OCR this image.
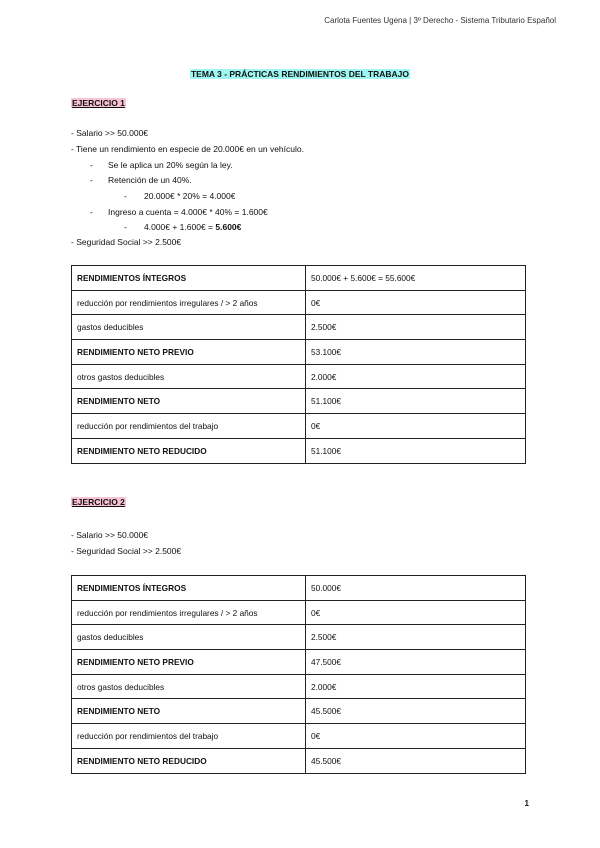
Carlota Fuentes Ugena | 3º Derecho - Sistema Tributario Español
TEMA 3 - PRÁCTICAS RENDIMIENTOS DEL TRABAJO
EJERCICIO 1
- Salario >> 50.000€
- Tiene un rendimiento en especie de 20.000€ en un vehículo.
- Se le aplica un 20% según la ley.
- Retención de un 40%.
- 20.000€ * 20% = 4.000€
- Ingreso a cuenta = 4.000€ * 40% = 1.600€
- 4.000€ + 1.600€ = 5.600€
- Seguridad Social >> 2.500€
RENDIMIENTOS ÍNTEGROS	50.000€ + 5.600€ = 55.600€
reducción por rendimientos irregulares / > 2 años	0€
gastos deducibles	2.500€
RENDIMIENTO NETO PREVIO	53.100€
otros gastos deducibles	2.000€
RENDIMIENTO NETO	51.100€
reducción por rendimientos del trabajo	0€
RENDIMIENTO NETO REDUCIDO	51.100€
EJERCICIO 2
- Salario >> 50.000€
- Seguridad Social >> 2.500€
RENDIMIENTOS ÍNTEGROS	50.000€
reducción por rendimientos irregulares / > 2 años	0€
gastos deducibles	2.500€
RENDIMIENTO NETO PREVIO	47.500€
otros gastos deducibles	2.000€
RENDIMIENTO NETO	45.500€
reducción por rendimientos del trabajo	0€
RENDIMIENTO NETO REDUCIDO	45.500€
1
